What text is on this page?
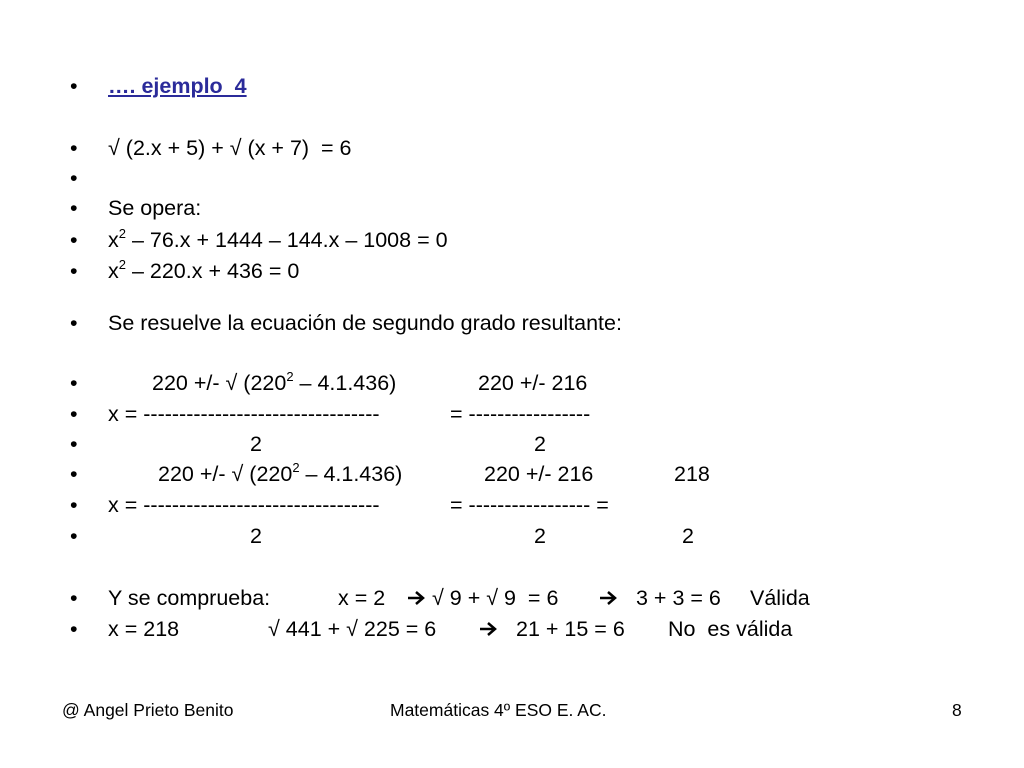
•	…. ejemplo  4
•	√ (2.x + 5) + √ (x + 7)  = 6
•
•	Se opera:
•	$x^2 - 76.x + 1444 - 144.x - 1008 = 0$
•	$x^2 - 220.x + 436 = 0$
•	Se resuelve la ecuación de segundo grado resultante:
•	220 +/- √ $(220^2 - 4.1.436)$	220 +/- 216
•	x = ---------------------------------	= -----------------
•	2	2
•	220 +/- √ $(220^2 - 4.1.436)$	220 +/- 216	218
•	x = ---------------------------------	= ----------------- =
•	2	2	2
•	Y se comprueba:	x = 2 √ 9 + √ 9  = 6	3 + 3 = 6 Válida
•	x = 218	√ 441 + √ 225 = 6	21 + 15 = 6 No  es válida
@ Angel Prieto Benito	Matemáticas 4º ESO E. AC.	8
